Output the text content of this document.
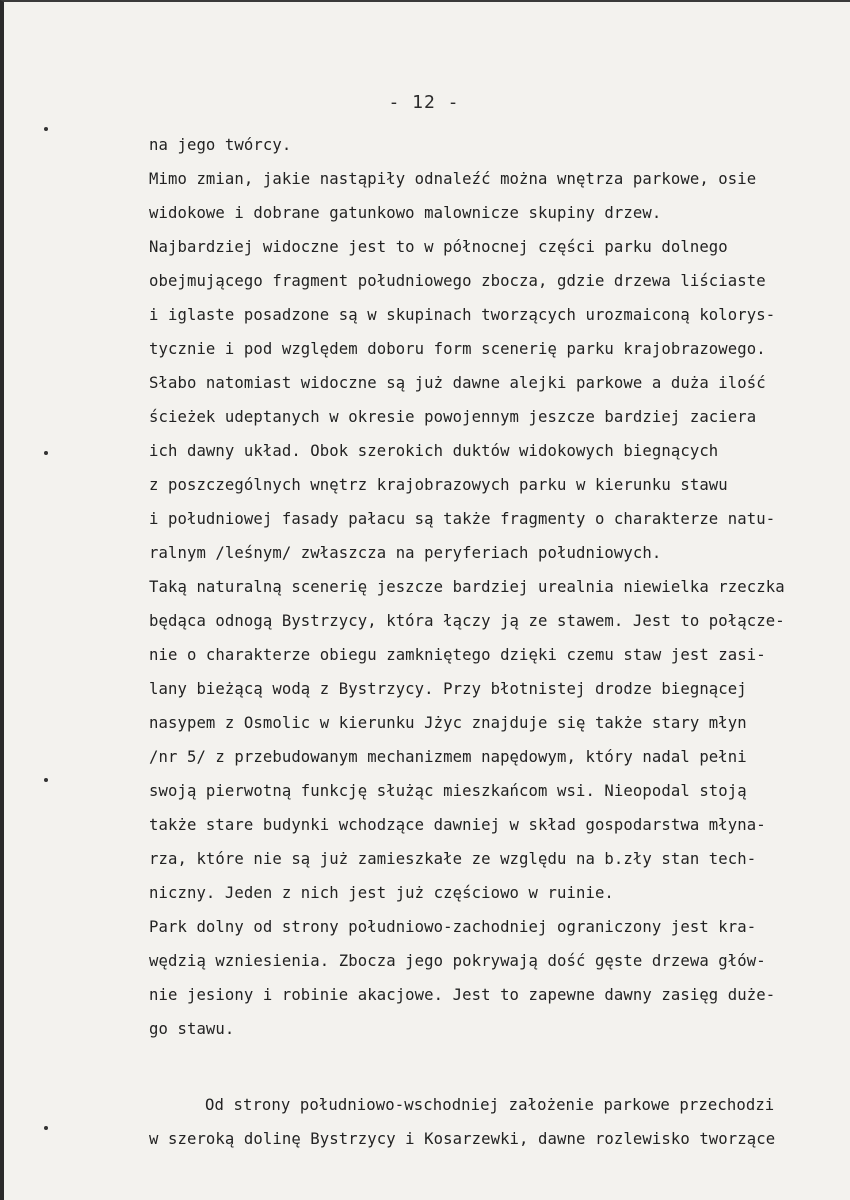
- 12 -
na jego twórcy.
Mimo zmian, jakie nastąpiły odnaleźć można wnętrza parkowe, osie
widokowe i dobrane gatunkowo malownicze skupiny drzew.
Najbardziej widoczne jest to w północnej części parku dolnego
obejmującego fragment południowego zbocza, gdzie drzewa liściaste
i iglaste posadzone są w skupinach tworzących urozmaiconą kolorys-
tycznie i pod względem doboru form scenerię parku krajobrazowego.
Słabo natomiast widoczne są już dawne alejki parkowe a duża ilość
ścieżek udeptanych w okresie powojennym jeszcze bardziej zaciera
ich dawny układ. Obok szerokich duktów widokowych biegnących
z poszczególnych wnętrz krajobrazowych parku w kierunku stawu
i południowej fasady pałacu są także fragmenty o charakterze natu-
ralnym /leśnym/ zwłaszcza na peryferiach południowych.
Taką naturalną scenerię jeszcze bardziej urealnia niewielka rzeczka
będąca odnogą Bystrzycy, która łączy ją ze stawem. Jest to połącze-
nie o charakterze obiegu zamkniętego dzięki czemu staw jest zasi-
lany bieżącą wodą z Bystrzycy. Przy błotnistej drodze biegnącej
nasypem z Osmolic w kierunku Jżyc znajduje się także stary młyn
/nr 5/ z przebudowanym mechanizmem napędowym, który nadal pełni
swoją pierwotną funkcję służąc mieszkańcom wsi. Nieopodal stoją
także stare budynki wchodzące dawniej w skład gospodarstwa młyna-
rza, które nie są już zamieszkałe ze względu na b.zły stan tech-
niczny. Jeden z nich jest już częściowo w ruinie.
Park dolny od strony południowo-zachodniej ograniczony jest kra-
wędzią wzniesienia. Zbocza jego pokrywają dość gęste drzewa głów-
nie jesiony i robinie akacjowe. Jest to zapewne dawny zasięg duże-
go stawu.
Od strony południowo-wschodniej założenie parkowe przechodzi
w szeroką dolinę Bystrzycy i Kosarzewki, dawne rozlewisko tworzące
